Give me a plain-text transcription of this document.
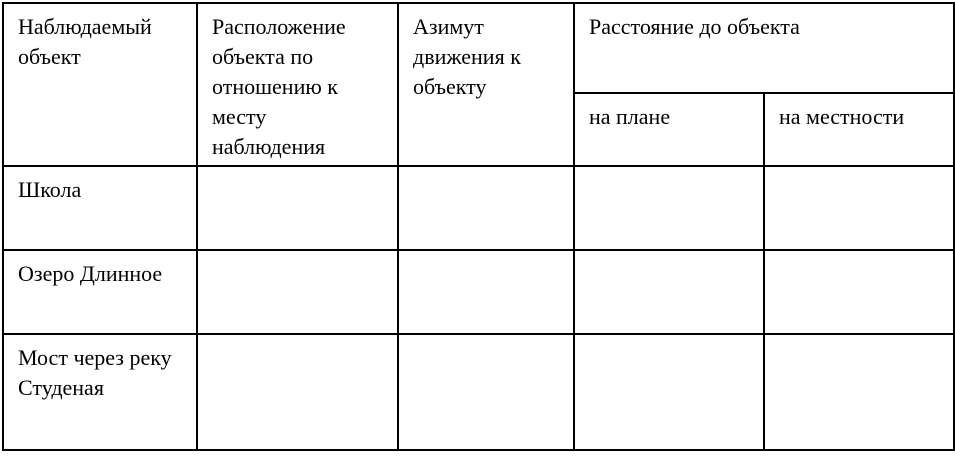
Наблюдаемый объект	Расположение объекта по отношению к месту наблюдения	Азимут движения к объекту	Расстояние до объекта	

			на плане	на местности
Школа				
Озеро Длинное				

Мост через реку Студеная				
